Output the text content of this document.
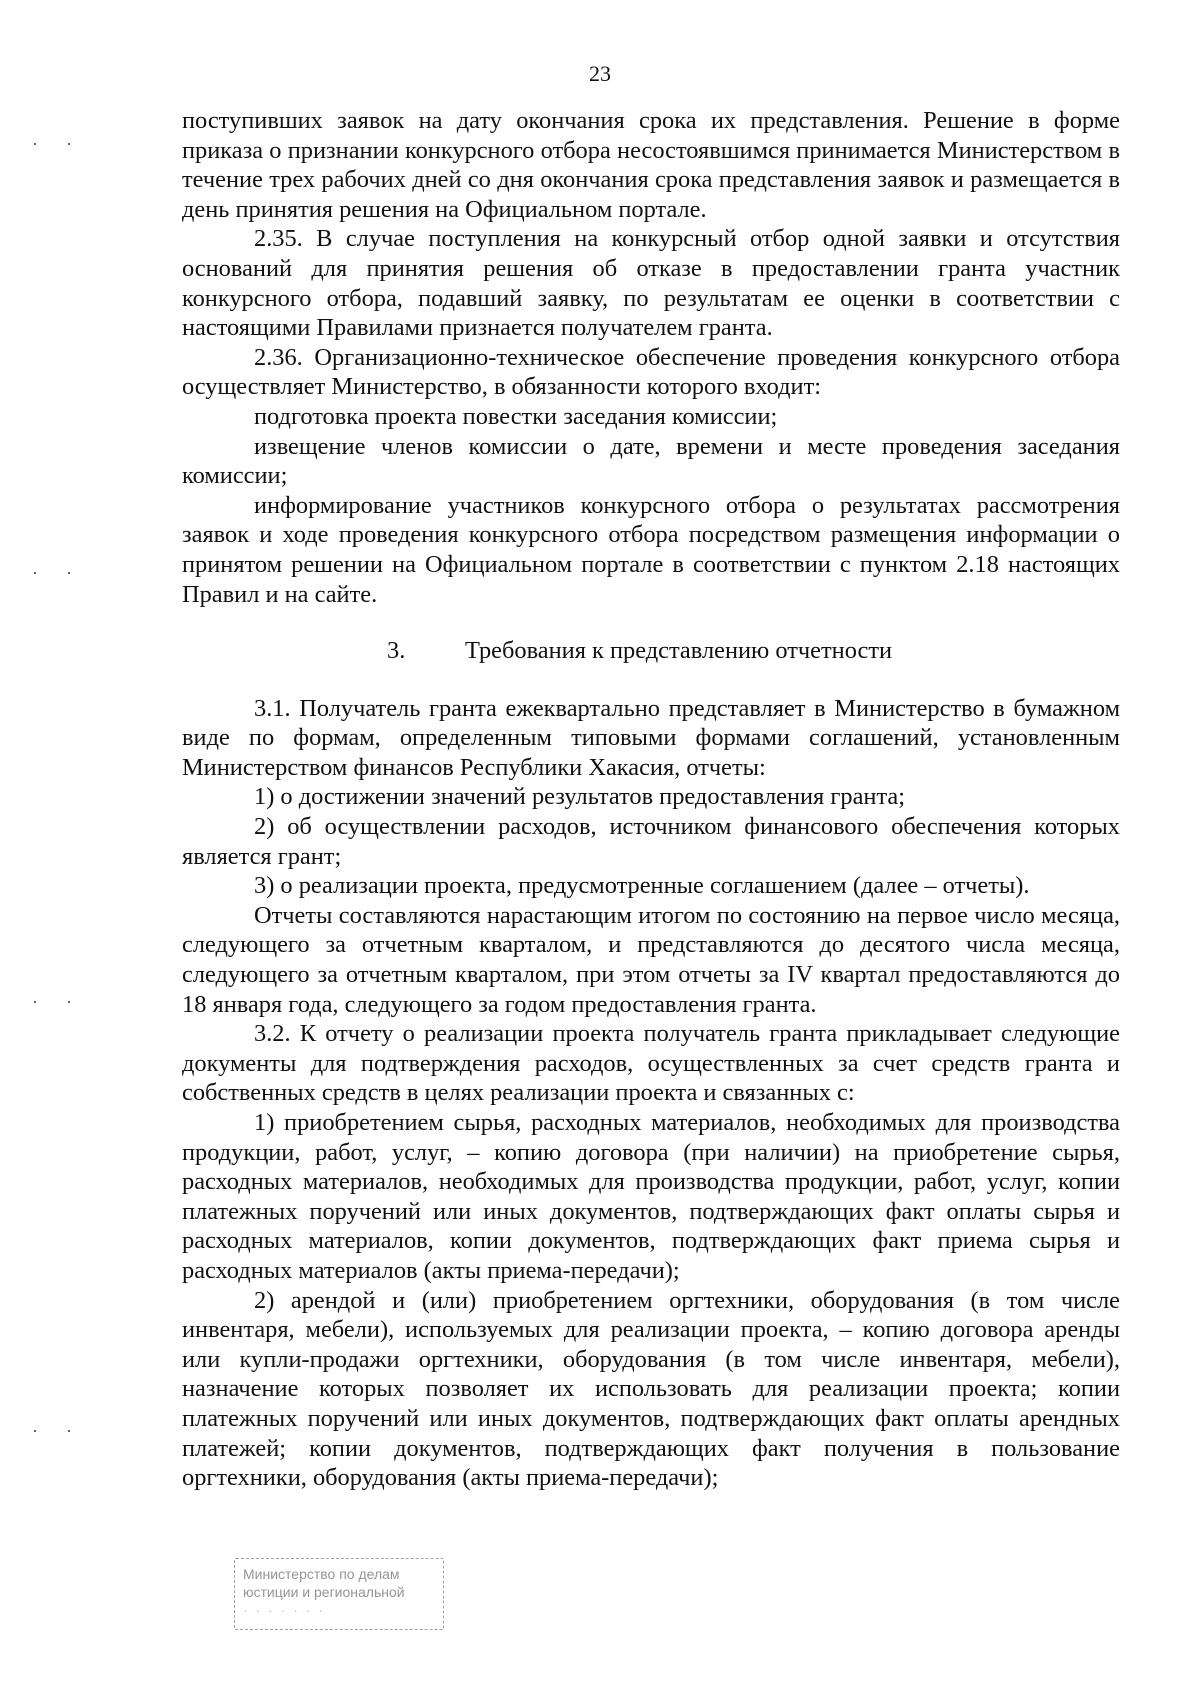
23

поступивших заявок на дату окончания срока их представления. Решение в форме приказа о признании конкурсного отбора несостоявшимся принимается Министерством в течение трех рабочих дней со дня окончания срока представления заявок и размещается в день принятия решения на Официальном портале.

2.35. В случае поступления на конкурсный отбор одной заявки и отсутствия оснований для принятия решения об отказе в предоставлении гранта участник конкурсного отбора, подавший заявку, по результатам ее оценки в соответствии с настоящими Правилами признается получателем гранта.

2.36. Организационно-техническое обеспечение проведения конкурсного отбора осуществляет Министерство, в обязанности которого входит:

подготовка проекта повестки заседания комиссии;

извещение членов комиссии о дате, времени и месте проведения заседания комиссии;

информирование участников конкурсного отбора о результатах рассмотрения заявок и ходе проведения конкурсного отбора посредством размещения информации о принятом решении на Официальном портале в соответствии с пунктом 2.18 настоящих Правил и на сайте.

3. Требования к представлению отчетности

3.1. Получатель гранта ежеквартально представляет в Министерство в бумажном виде по формам, определенным типовыми формами соглашений, установленным Министерством финансов Республики Хакасия, отчеты:

1) о достижении значений результатов предоставления гранта;

2) об осуществлении расходов, источником финансового обеспечения которых является грант;

3) о реализации проекта, предусмотренные соглашением (далее – отчеты).

Отчеты составляются нарастающим итогом по состоянию на первое число месяца, следующего за отчетным кварталом, и представляются до десятого числа месяца, следующего за отчетным кварталом, при этом отчеты за IV квартал предоставляются до 18 января года, следующего за годом предоставления гранта.

3.2. К отчету о реализации проекта получатель гранта прикладывает следующие документы для подтверждения расходов, осуществленных за счет средств гранта и собственных средств в целях реализации проекта и связанных с:

1) приобретением сырья, расходных материалов, необходимых для производства продукции, работ, услуг, – копию договора (при наличии) на приобретение сырья, расходных материалов, необходимых для производства продукции, работ, услуг, копии платежных поручений или иных документов, подтверждающих факт оплаты сырья и расходных материалов, копии документов, подтверждающих факт приема сырья и расходных материалов (акты приема-передачи);

2) арендой и (или) приобретением оргтехники, оборудования (в том числе инвентаря, мебели), используемых для реализации проекта, – копию договора аренды или купли-продажи оргтехники, оборудования (в том числе инвентаря, мебели), назначение которых позволяет их использовать для реализации проекта; копии платежных поручений или иных документов, подтверждающих факт оплаты арендных платежей; копии документов, подтверждающих факт получения в пользование оргтехники, оборудования (акты приема-передачи);

Министерство по делам
юстиции и региональной
· · · · · · ·
